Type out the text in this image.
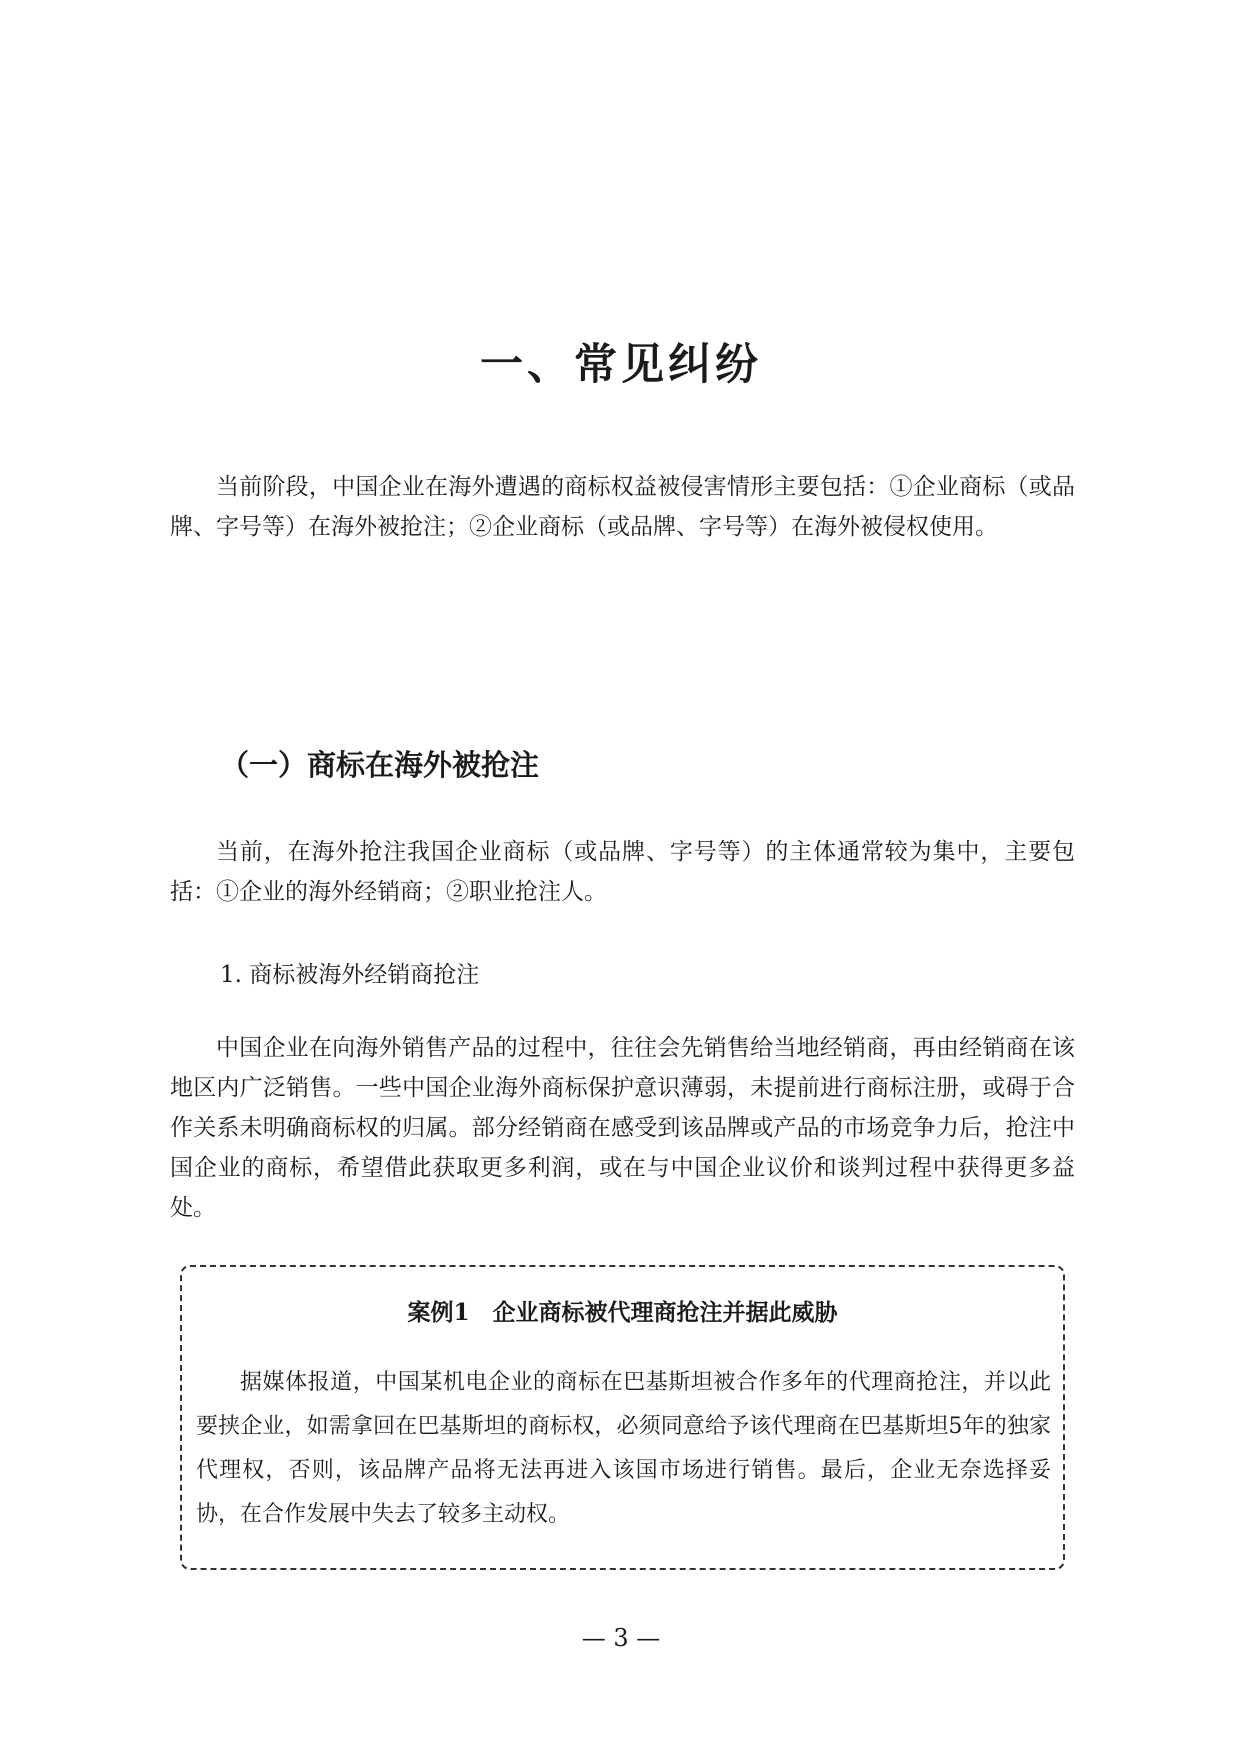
一、常见纠纷

当前阶段，中国企业在海外遭遇的商标权益被侵害情形主要包括：①企业商标（或品牌、字号等）在海外被抢注；②企业商标（或品牌、字号等）在海外被侵权使用。

（一）商标在海外被抢注

当前，在海外抢注我国企业商标（或品牌、字号等）的主体通常较为集中，主要包括：①企业的海外经销商；②职业抢注人。

1. 商标被海外经销商抢注

中国企业在向海外销售产品的过程中，往往会先销售给当地经销商，再由经销商在该地区内广泛销售。一些中国企业海外商标保护意识薄弱，未提前进行商标注册，或碍于合作关系未明确商标权的归属。部分经销商在感受到该品牌或产品的市场竞争力后，抢注中国企业的商标，希望借此获取更多利润，或在与中国企业议价和谈判过程中获得更多益处。

案例1　企业商标被代理商抢注并据此威胁

据媒体报道，中国某机电企业的商标在巴基斯坦被合作多年的代理商抢注，并以此要挟企业，如需拿回在巴基斯坦的商标权，必须同意给予该代理商在巴基斯坦5年的独家代理权，否则，该品牌产品将无法再进入该国市场进行销售。最后，企业无奈选择妥协，在合作发展中失去了较多主动权。

— 3 —
